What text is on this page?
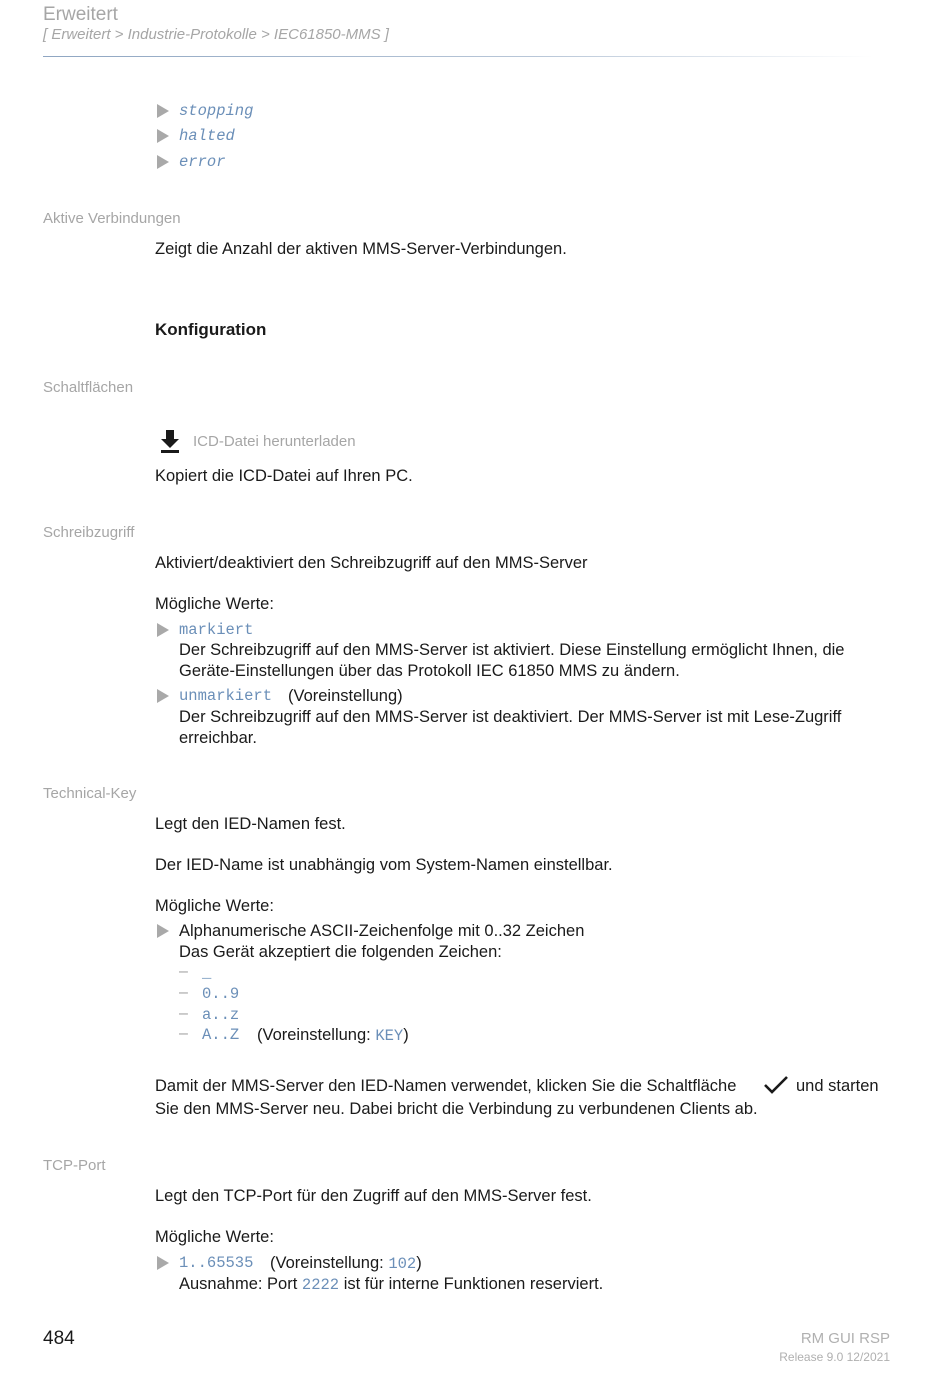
Erweitert
[ Erweitert > Industrie-Protokolle > IEC61850-MMS ]
stopping
halted
error
Aktive Verbindungen
Zeigt die Anzahl der aktiven MMS-Server-Verbindungen.
Konfiguration
Schaltflächen
ICD-Datei herunterladen
Kopiert die ICD-Datei auf Ihren PC.
Schreibzugriff
Aktiviert/deaktiviert den Schreibzugriff auf den MMS-Server
Mögliche Werte:
markiert
Der Schreibzugriff auf den MMS-Server ist aktiviert. Diese Einstellung ermöglicht Ihnen, die
Geräte-Einstellungen über das Protokoll IEC 61850 MMS zu ändern.
unmarkiert (Voreinstellung)
Der Schreibzugriff auf den MMS-Server ist deaktiviert. Der MMS-Server ist mit Lese-Zugriff
erreichbar.
Technical-Key
Legt den IED-Namen fest.
Der IED-Name ist unabhängig vom System-Namen einstellbar.
Mögliche Werte:
Alphanumerische ASCII-Zeichenfolge mit 0..32 Zeichen
Das Gerät akzeptiert die folgenden Zeichen:
– _
– 0..9
– a..z
– A..Z (Voreinstellung: KEY)
Damit der MMS-Server den IED-Namen verwendet, klicken Sie die Schaltfläche	und starten
Sie den MMS-Server neu. Dabei bricht die Verbindung zu verbundenen Clients ab.
TCP-Port
Legt den TCP-Port für den Zugriff auf den MMS-Server fest.
Mögliche Werte:
1..65535 (Voreinstellung: 102)
Ausnahme: Port 2222 ist für interne Funktionen reserviert.
484	RM GUI RSP
Release 9.0 12/2021
